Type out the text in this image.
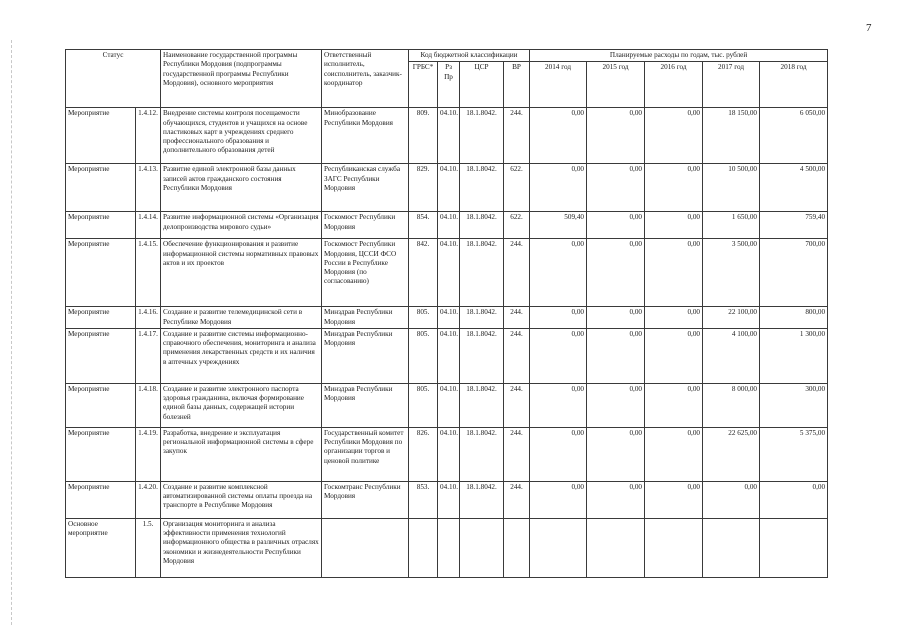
7
Статус		Наименование государственной программы Республики Мордовия (подпрограммы государственной программы Республики Мордовия), основного мероприятия	Ответственный исполнитель, соисполнитель, заказчик-координатор	Код бюджетной классификации				Планируемые расходы по годам, тыс. рублей				
				ГРБС*	Рз Пр	ЦСР	ВР	2014 год	2015 год	2016 год	2017 год	2018 год
Мероприятие	1.4.12.	Внедрение системы контроля посещаемости обучающихся, студентов и учащихся на основе пластиковых карт в учреждениях среднего профессионального образования и дополнительного образования детей	Минобразование Республики Мордовия	809.	04.10.	18.1.8042.	244.	0,00	0,00	0,00	18 150,00	6 050,00
Мероприятие	1.4.13.	Развитие единой электронной базы данных записей актов гражданского состояния Республики Мордовия	Республиканская служба ЗАГС Республики Мордовия	829.	04.10.	18.1.8042.	622.	0,00	0,00	0,00	10 500,00	4 500,00
Мероприятие	1.4.14.	Развитие информационной системы «Организация делопроизводства мирового судьи»	Госкомюст Республики Мордовия	854.	04.10.	18.1.8042.	622.	509,40	0,00	0,00	1 650,00	759,40
Мероприятие	1.4.15.	Обеспечение функционирования и развитие информационной системы нормативных правовых актов и их проектов	Госкомюст Республики Мордовия, ЦССИ ФСО России в Республике Мордовия (по согласованию)	842.	04.10.	18.1.8042.	244.	0,00	0,00	0,00	3 500,00	700,00
Мероприятие	1.4.16.	Создание и развитие телемедицинской сети в Республике Мордовия	Минздрав Республики Мордовия	805.	04.10.	18.1.8042.	244.	0,00	0,00	0,00	22 100,00	800,00
Мероприятие	1.4.17.	Создание и развитие системы информационно-справочного обеспечения, мониторинга и анализа применения лекарственных средств и их наличия в аптечных учреждениях	Минздрав Республики Мордовия	805.	04.10.	18.1.8042.	244.	0,00	0,00	0,00	4 100,00	1 300,00
Мероприятие	1.4.18.	Создание и развитие электронного паспорта здоровья гражданина, включая формирование единой базы данных, содержащей истории болезней	Минздрав Республики Мордовия	805.	04.10.	18.1.8042.	244.	0,00	0,00	0,00	8 000,00	300,00
Мероприятие	1.4.19.	Разработка, внедрение и эксплуатация региональной информационной системы в сфере закупок	Государственный комитет Республики Мордовия по организации торгов и ценовой политике	826.	04.10.	18.1.8042.	244.	0,00	0,00	0,00	22 625,00	5 375,00
Мероприятие	1.4.20.	Создание и развитие комплексной автоматизированной системы оплаты проезда на транспорте в Республике Мордовия	Госкомтранс Республики Мордовия	853.	04.10.	18.1.8042.	244.	0,00	0,00	0,00	0,00	0,00
Основное мероприятие	1.5.	Организация мониторинга и анализа эффективности применения технологий информационного общества в различных отраслях экономики и жизнедеятельности Республики Мордовия										
